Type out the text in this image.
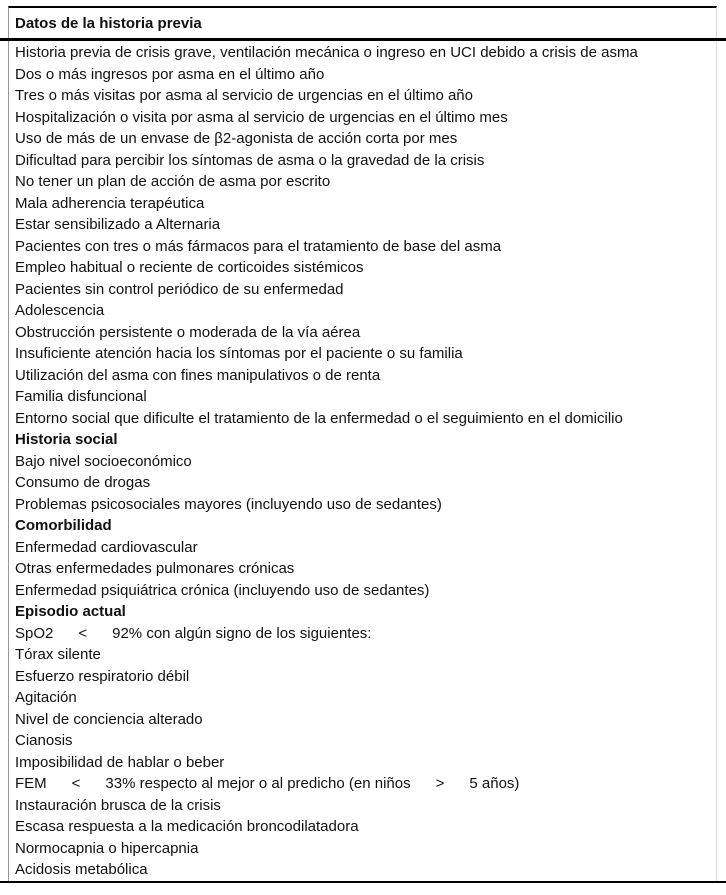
Datos de la historia previa
Historia previa de crisis grave, ventilación mecánica o ingreso en UCI debido a crisis de asma
Dos o más ingresos por asma en el último año
Tres o más visitas por asma al servicio de urgencias en el último año
Hospitalización o visita por asma al servicio de urgencias en el último mes
Uso de más de un envase de β2-agonista de acción corta por mes
Dificultad para percibir los síntomas de asma o la gravedad de la crisis
No tener un plan de acción de asma por escrito
Mala adherencia terapéutica
Estar sensibilizado a Alternaria
Pacientes con tres o más fármacos para el tratamiento de base del asma
Empleo habitual o reciente de corticoides sistémicos
Pacientes sin control periódico de su enfermedad
Adolescencia
Obstrucción persistente o moderada de la vía aérea
Insuficiente atención hacia los síntomas por el paciente o su familia
Utilización del asma con fines manipulativos o de renta
Familia disfuncional
Entorno social que dificulte el tratamiento de la enfermedad o el seguimiento en el domicilio
Historia social
Bajo nivel socioeconómico
Consumo de drogas
Problemas psicosociales mayores (incluyendo uso de sedantes)
Comorbilidad
Enfermedad cardiovascular
Otras enfermedades pulmonares crónicas
Enfermedad psiquiátrica crónica (incluyendo uso de sedantes)
Episodio actual
SpO2      <      92% con algún signo de los siguientes:
Tórax silente
Esfuerzo respiratorio débil
Agitación
Nivel de conciencia alterado
Cianosis
Imposibilidad de hablar o beber
FEM      <      33% respecto al mejor o al predicho (en niños      >      5 años)
Instauración brusca de la crisis
Escasa respuesta a la medicación broncodilatadora
Normocapnia o hipercapnia
Acidosis metabólica
